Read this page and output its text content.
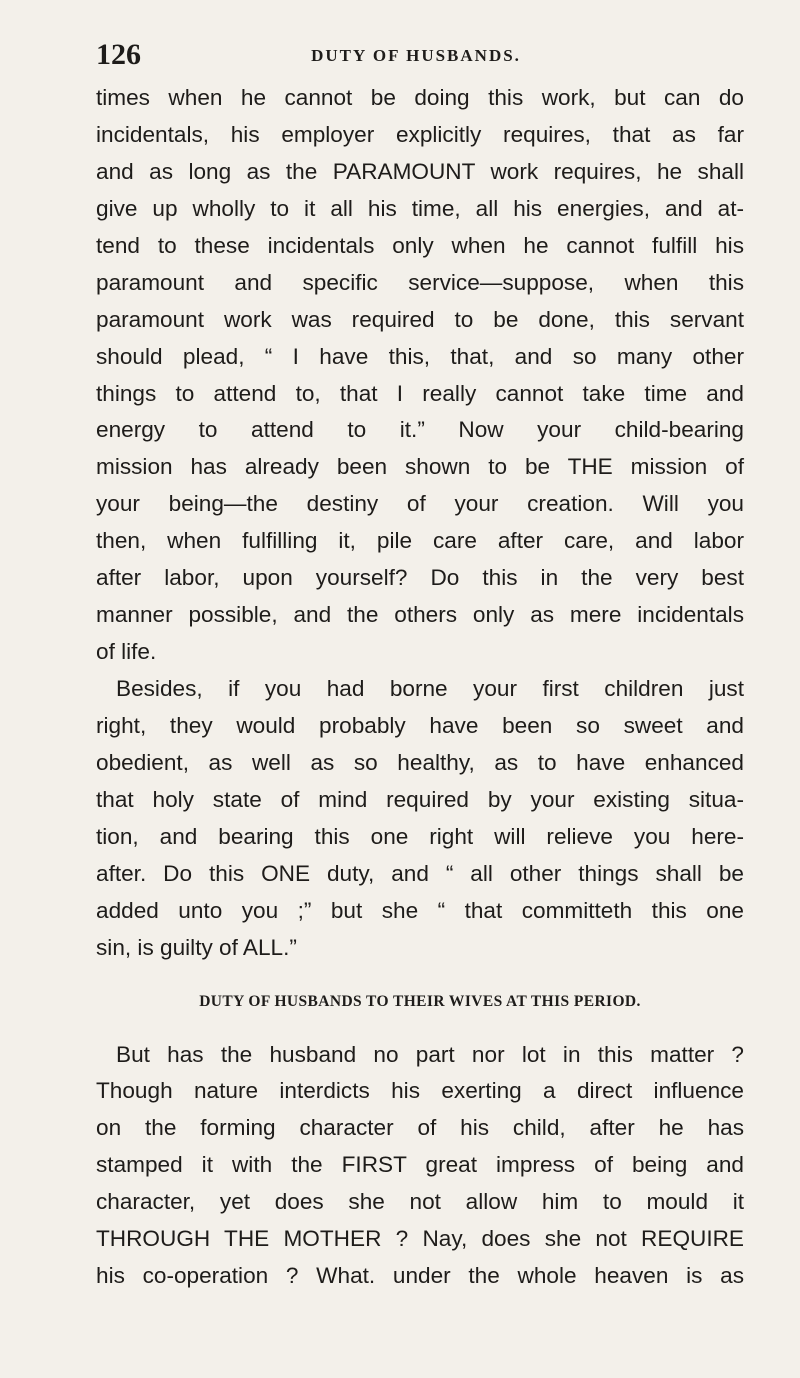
126	DUTY OF HUSBANDS.
times when he cannot be doing this work, but can do
incidentals, his employer explicitly requires, that as far
and as long as the PARAMOUNT work requires, he shall
give up wholly to it all his time, all his energies, and at-
tend to these incidentals only when he cannot fulfill his
paramount and specific service—suppose, when this
paramount work was required to be done, this servant
should plead, “ I have this, that, and so many other
things to attend to, that I really cannot take time and
energy to attend to it.” Now your child-bearing
mission has already been shown to be THE mission of
your being—the destiny of your creation. Will you
then, when fulfilling it, pile care after care, and labor
after labor, upon yourself? Do this in the very best
manner possible, and the others only as mere incidentals
of life.
Besides, if you had borne your first children just
right, they would probably have been so sweet and
obedient, as well as so healthy, as to have enhanced
that holy state of mind required by your existing situa-
tion, and bearing this one right will relieve you here-
after. Do this ONE duty, and “ all other things shall be
added unto you ;” but she “ that committeth this one
sin, is guilty of ALL.”
DUTY OF HUSBANDS TO THEIR WIVES AT THIS PERIOD.
But has the husband no part nor lot in this matter ?
Though nature interdicts his exerting a direct influence
on the forming character of his child, after he has
stamped it with the FIRST great impress of being and
character, yet does she not allow him to mould it
THROUGH THE MOTHER ? Nay, does she not REQUIRE
his co-operation ? What. under the whole heaven is as
